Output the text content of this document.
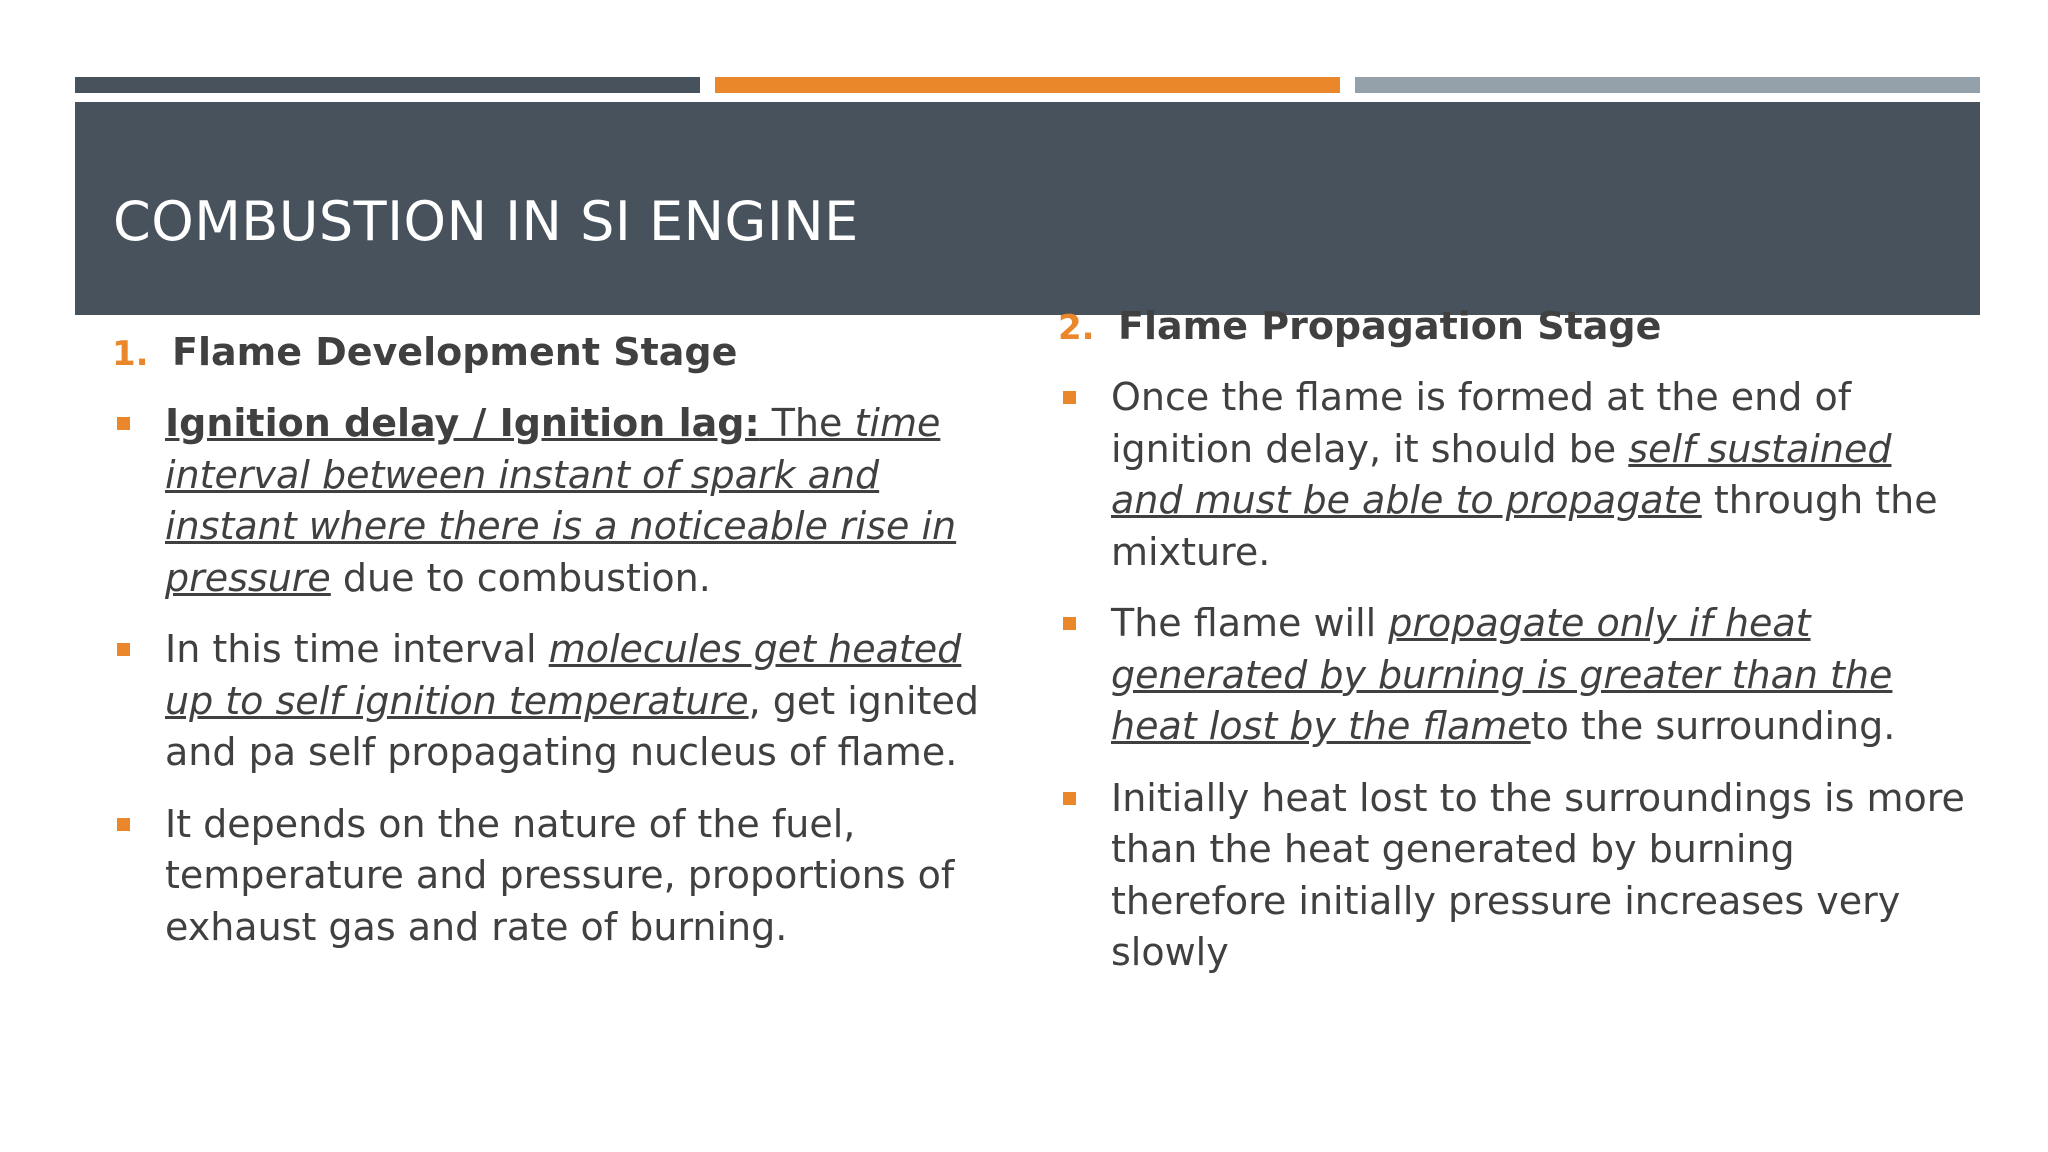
COMBUSTION IN SI ENGINE
1. Flame Development Stage
Ignition delay / Ignition lag: The time interval between instant of spark and instant where there is a noticeable rise in pressure due to combustion.
In this time interval molecules get heated up to self ignition temperature, get ignited and pa self propagating nucleus of flame.
It depends on the nature of the fuel, temperature and pressure, proportions of exhaust gas and rate of burning.
2. Flame Propagation Stage
Once the flame is formed at the end of ignition delay, it should be self sustained and must be able to propagate through the mixture.
The flame will propagate only if heat generated by burning is greater than the heat lost by the flameto the surrounding.
Initially heat lost to the surroundings is more than the heat generated by burning therefore initially pressure increases very slowly
